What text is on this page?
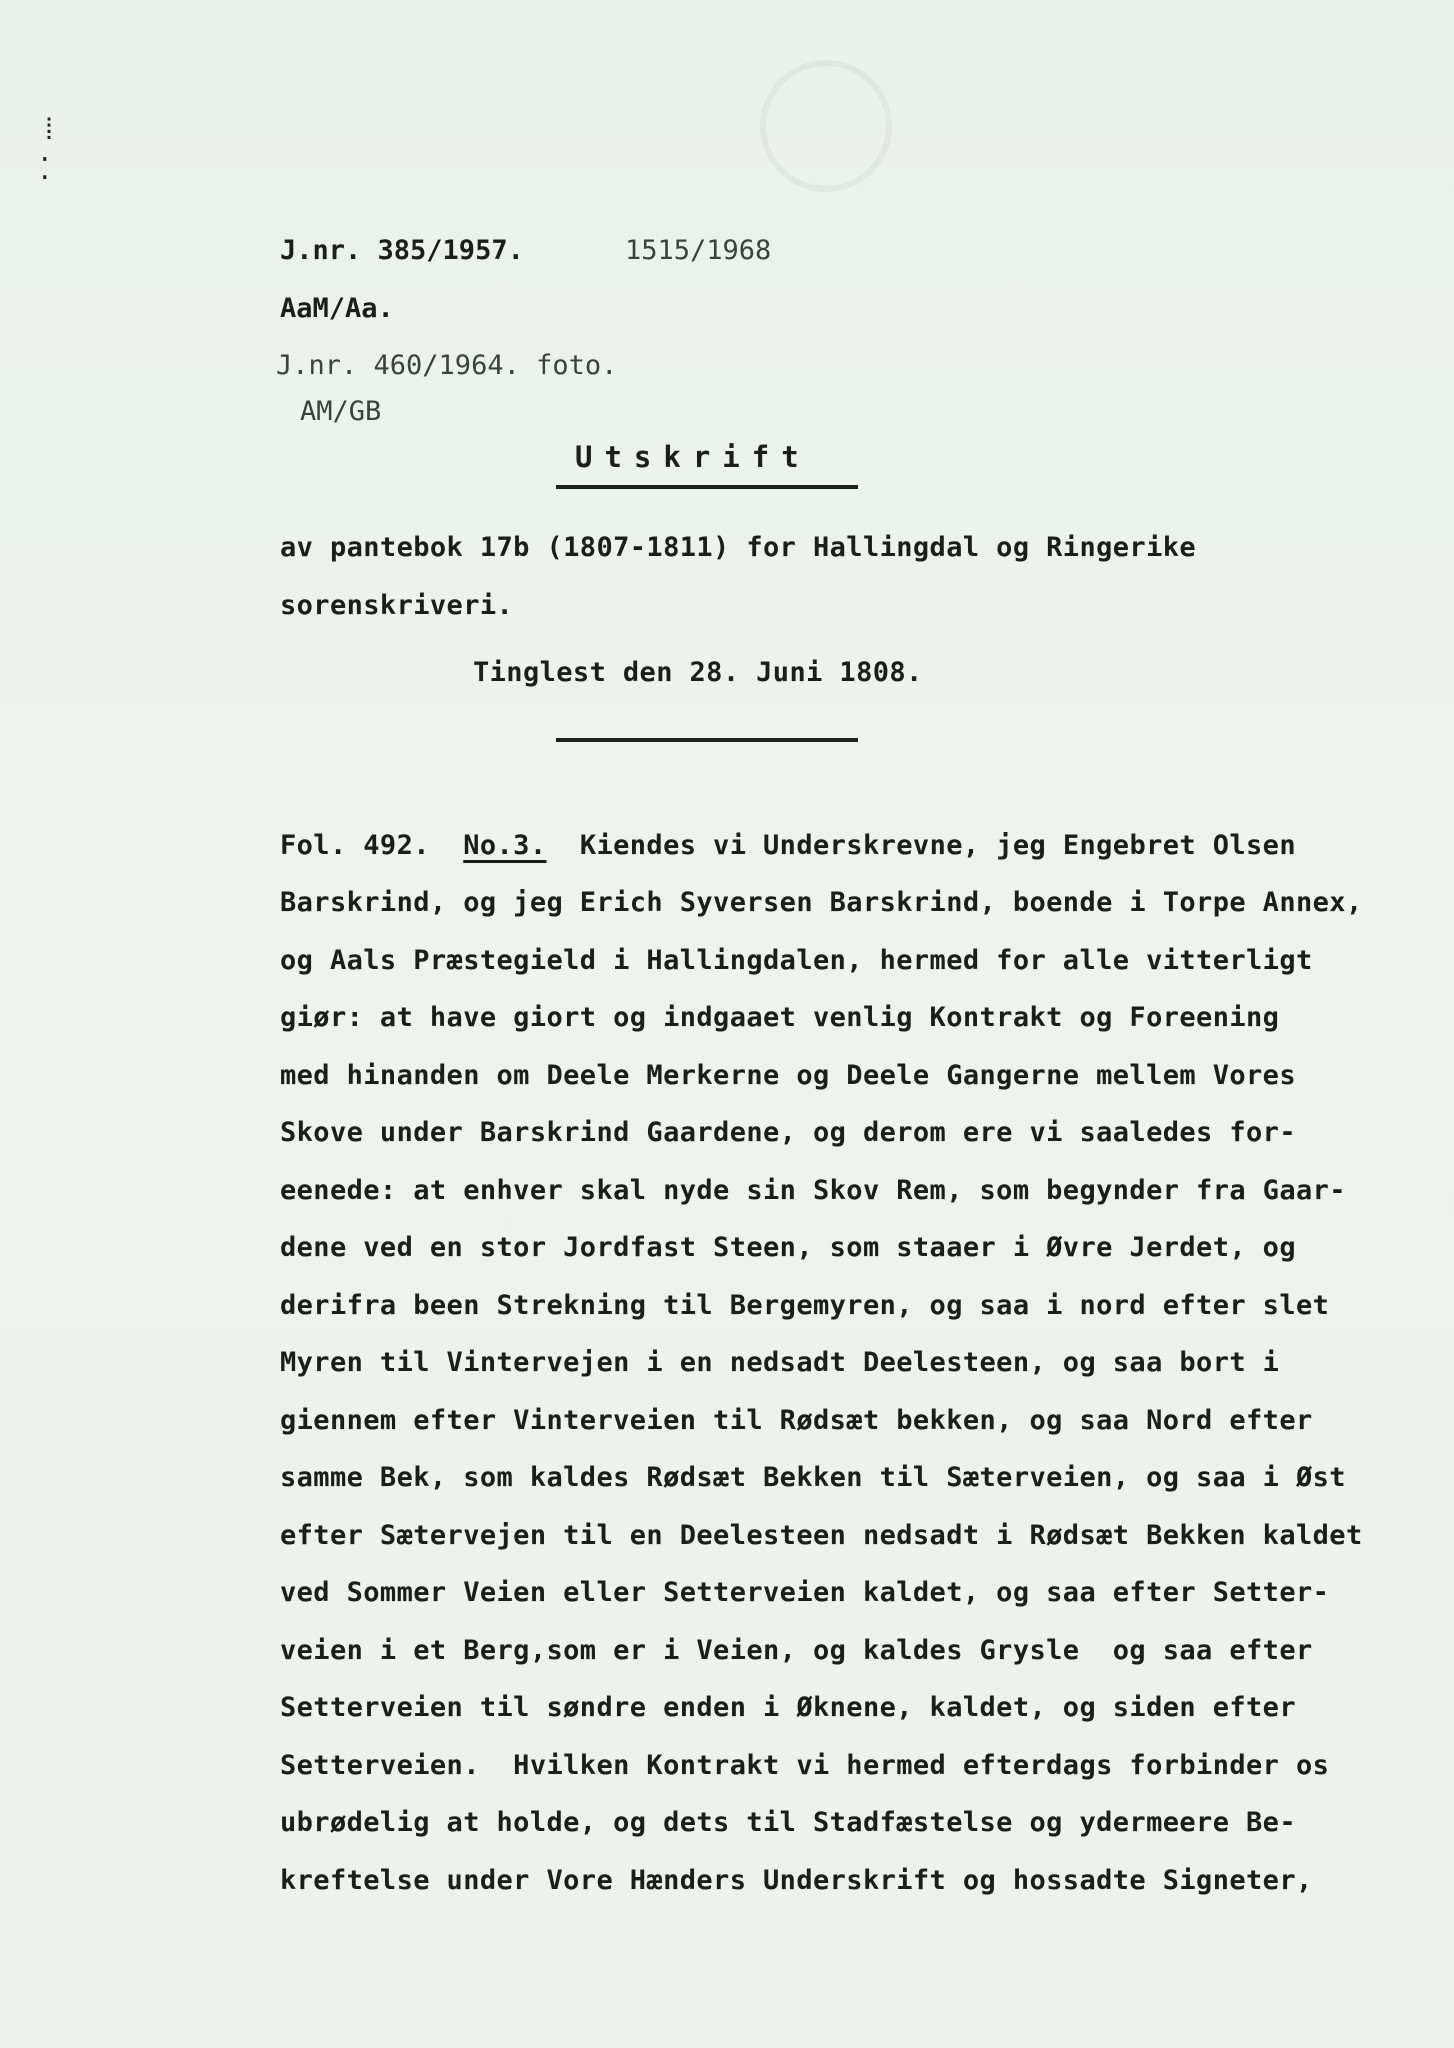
⁞
⁚
J.nr. 385/1957.	1515/1968
AaM/Aa.
J.nr. 460/1964. foto.
AM/GB
Utskrift
av pantebok 17b (1807-1811) for Hallingdal og Ringerike
sorenskriveri.
Tinglest den 28. Juni 1808.
Fol. 492. No.3. Kiendes vi Underskrevne, jeg Engebret Olsen
Barskrind, og jeg Erich Syversen Barskrind, boende i Torpe Annex,
og Aals Præstegield i Hallingdalen, hermed for alle vitterligt
giør: at have giort og indgaaet venlig Kontrakt og Foreening
med hinanden om Deele Merkerne og Deele Gangerne mellem Vores
Skove under Barskrind Gaardene, og derom ere vi saaledes for-
eenede: at enhver skal nyde sin Skov Rem, som begynder fra Gaar-
dene ved en stor Jordfast Steen, som staaer i Øvre Jerdet, og
derifra been Strekning til Bergemyren, og saa i nord efter slet
Myren til Vintervejen i en nedsadt Deelesteen, og saa bort i
giennem efter Vinterveien til Rødsæt bekken, og saa Nord efter
samme Bek, som kaldes Rødsæt Bekken til Sæterveien, og saa i Øst
efter Sætervejen til en Deelesteen nedsadt i Rødsæt Bekken kaldet
ved Sommer Veien eller Setterveien kaldet, og saa efter Setter-
veien i et Berg,som er i Veien, og kaldes Grysle  og saa efter
Setterveien til søndre enden i Øknene, kaldet, og siden efter
Setterveien.  Hvilken Kontrakt vi hermed efterdags forbinder os
ubrødelig at holde, og dets til Stadfæstelse og ydermeere Be-
kreftelse under Vore Hænders Underskrift og hossadte Signeter,
